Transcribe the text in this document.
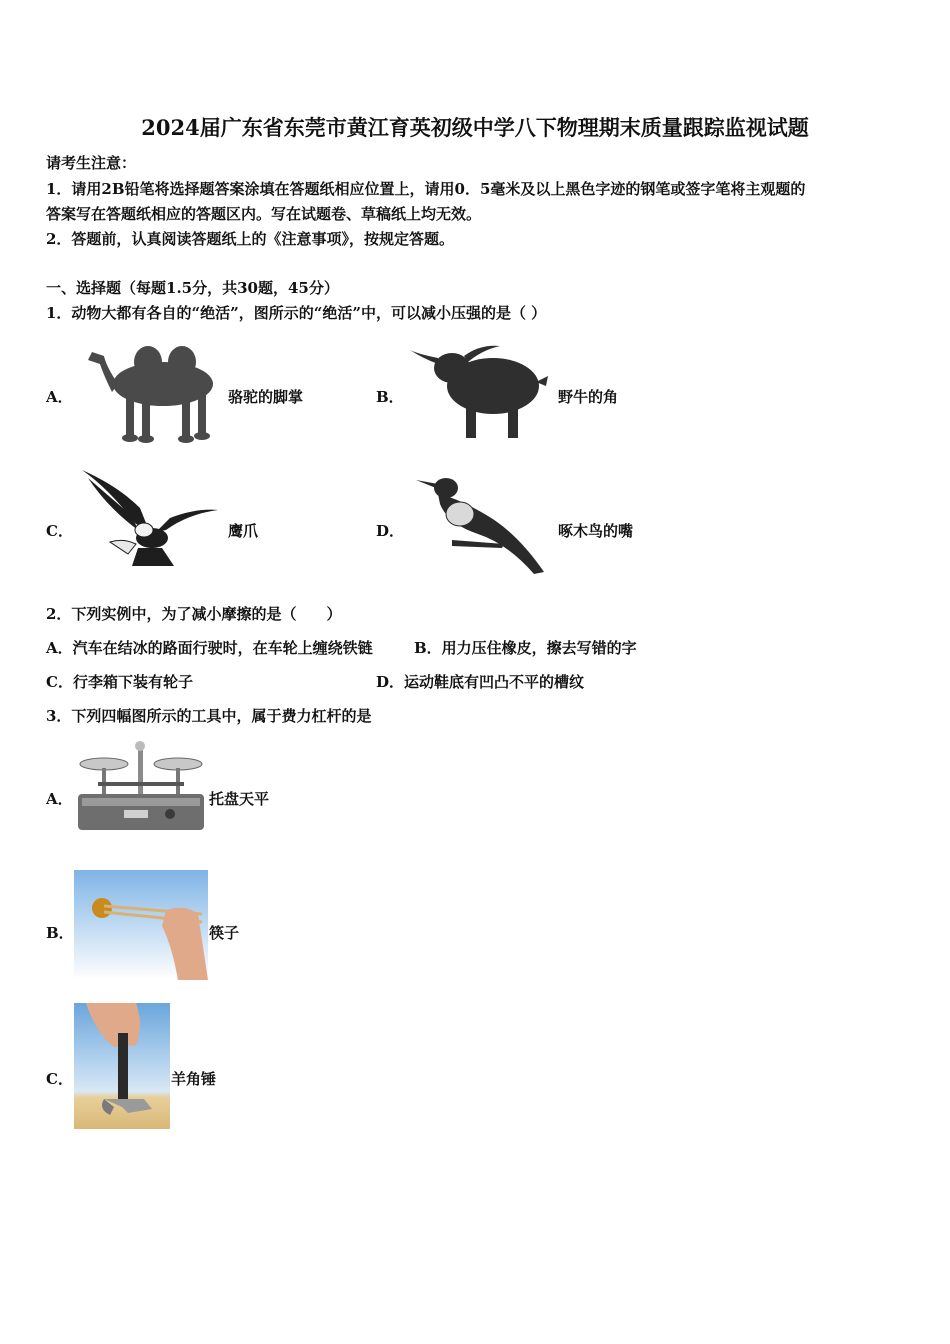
2024届广东省东莞市黄江育英初级中学八下物理期末质量跟踪监视试题
请考生注意：
1．请用2B铅笔将选择题答案涂填在答题纸相应位置上，请用0．5毫米及以上黑色字迹的钢笔或签字笔将主观题的
答案写在答题纸相应的答题区内。写在试题卷、草稿纸上均无效。
2．答题前，认真阅读答题纸上的《注意事项》，按规定答题。
一、选择题（每题1.5分，共30题，45分）
1．动物大都有各自的“绝活”，图所示的“绝活”中，可以减小压强的是（ ）
A．	骆驼的脚掌	B．	野牛的角
C．	鹰爪	D．	啄木鸟的嘴
2．下列实例中，为了减小摩擦的是（　　）
A．汽车在结冰的路面行驶时，在车轮上缠绕铁链	B．用力压住橡皮，擦去写错的字
C．行李箱下装有轮子	D．运动鞋底有凹凸不平的槽纹
3．下列四幅图所示的工具中，属于费力杠杆的是
A．	托盘天平
B．	筷子
C．	羊角锤
